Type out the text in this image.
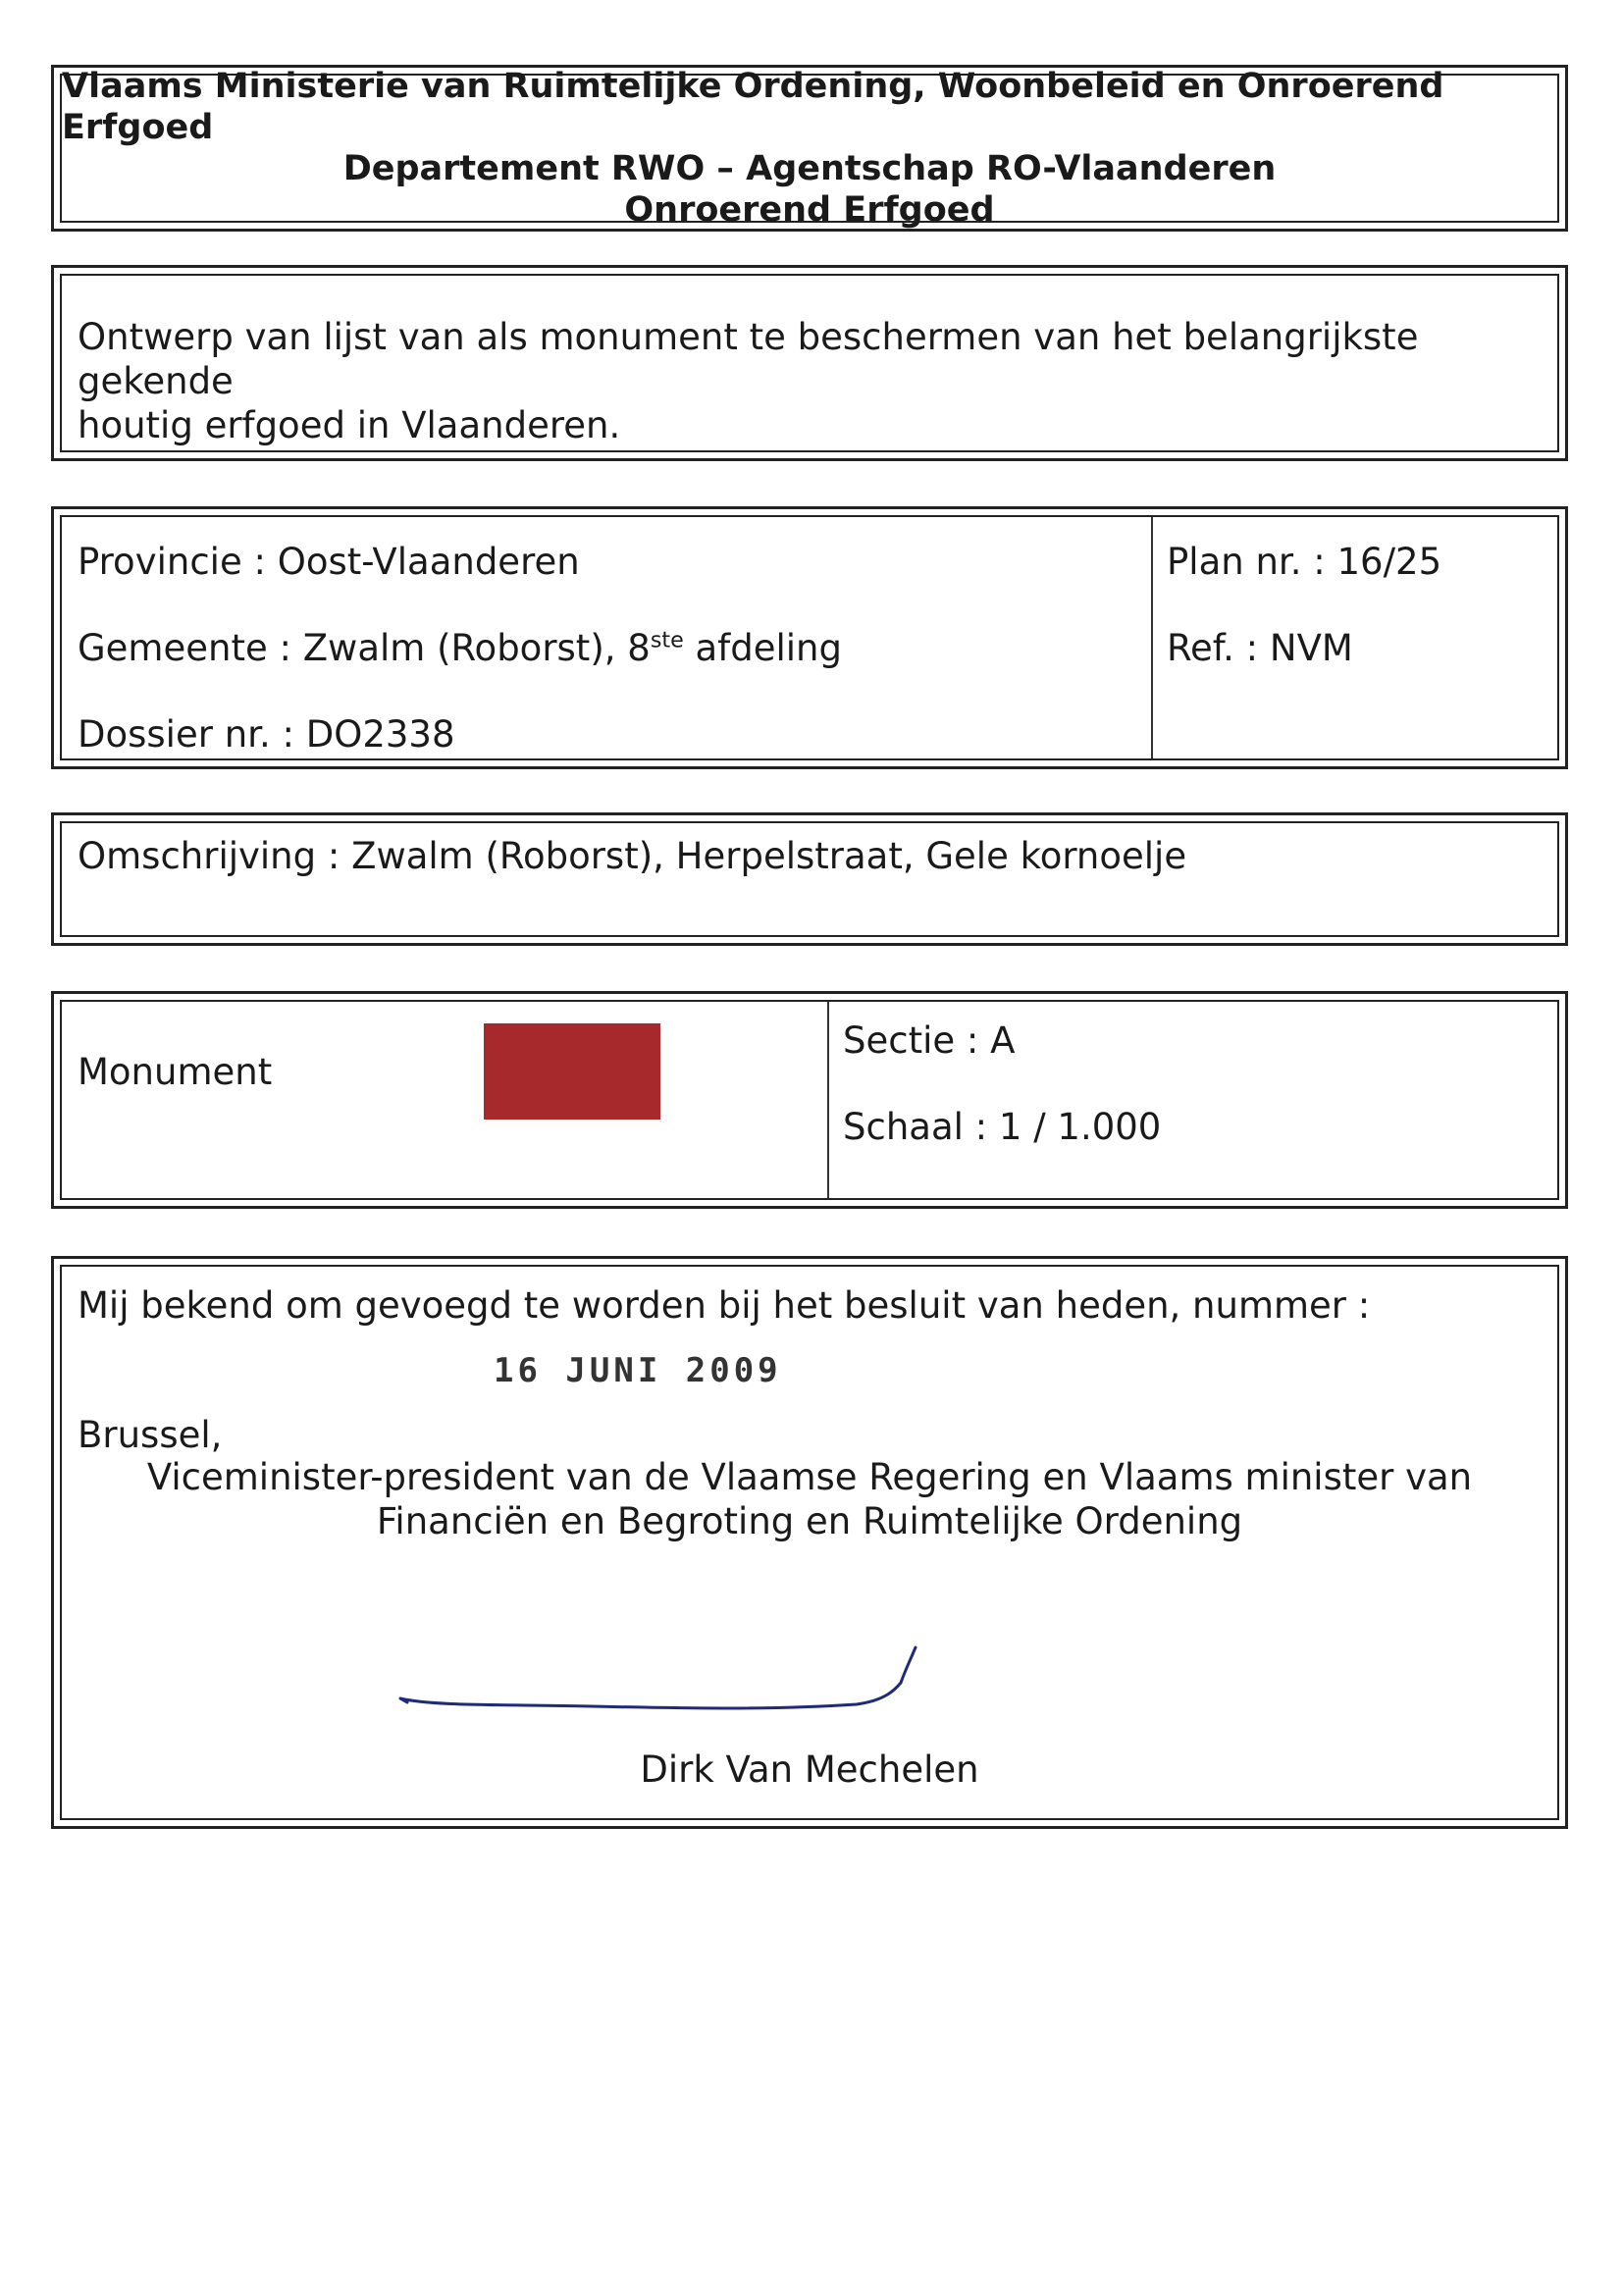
Vlaams Ministerie van Ruimtelijke Ordening, Woonbeleid en Onroerend Erfgoed
Departement RWO – Agentschap RO-Vlaanderen
Onroerend Erfgoed
Ontwerp van lijst van als monument te beschermen van het belangrijkste gekende
houtig erfgoed in Vlaanderen.
Provincie : Oost-Vlaanderen
Gemeente : Zwalm (Roborst), 8ste afdeling
Dossier nr. : DO2338
Plan nr. : 16/25
Ref. : NVM
Omschrijving : Zwalm (Roborst), Herpelstraat, Gele kornoelje
Monument
Sectie : A
Schaal : 1 / 1.000
Mij bekend om gevoegd te worden bij het besluit van heden, nummer :
16 JUNI 2009
Brussel,
Viceminister-president van de Vlaamse Regering en Vlaams minister van
Financiën en Begroting en Ruimtelijke Ordening
Dirk Van Mechelen
